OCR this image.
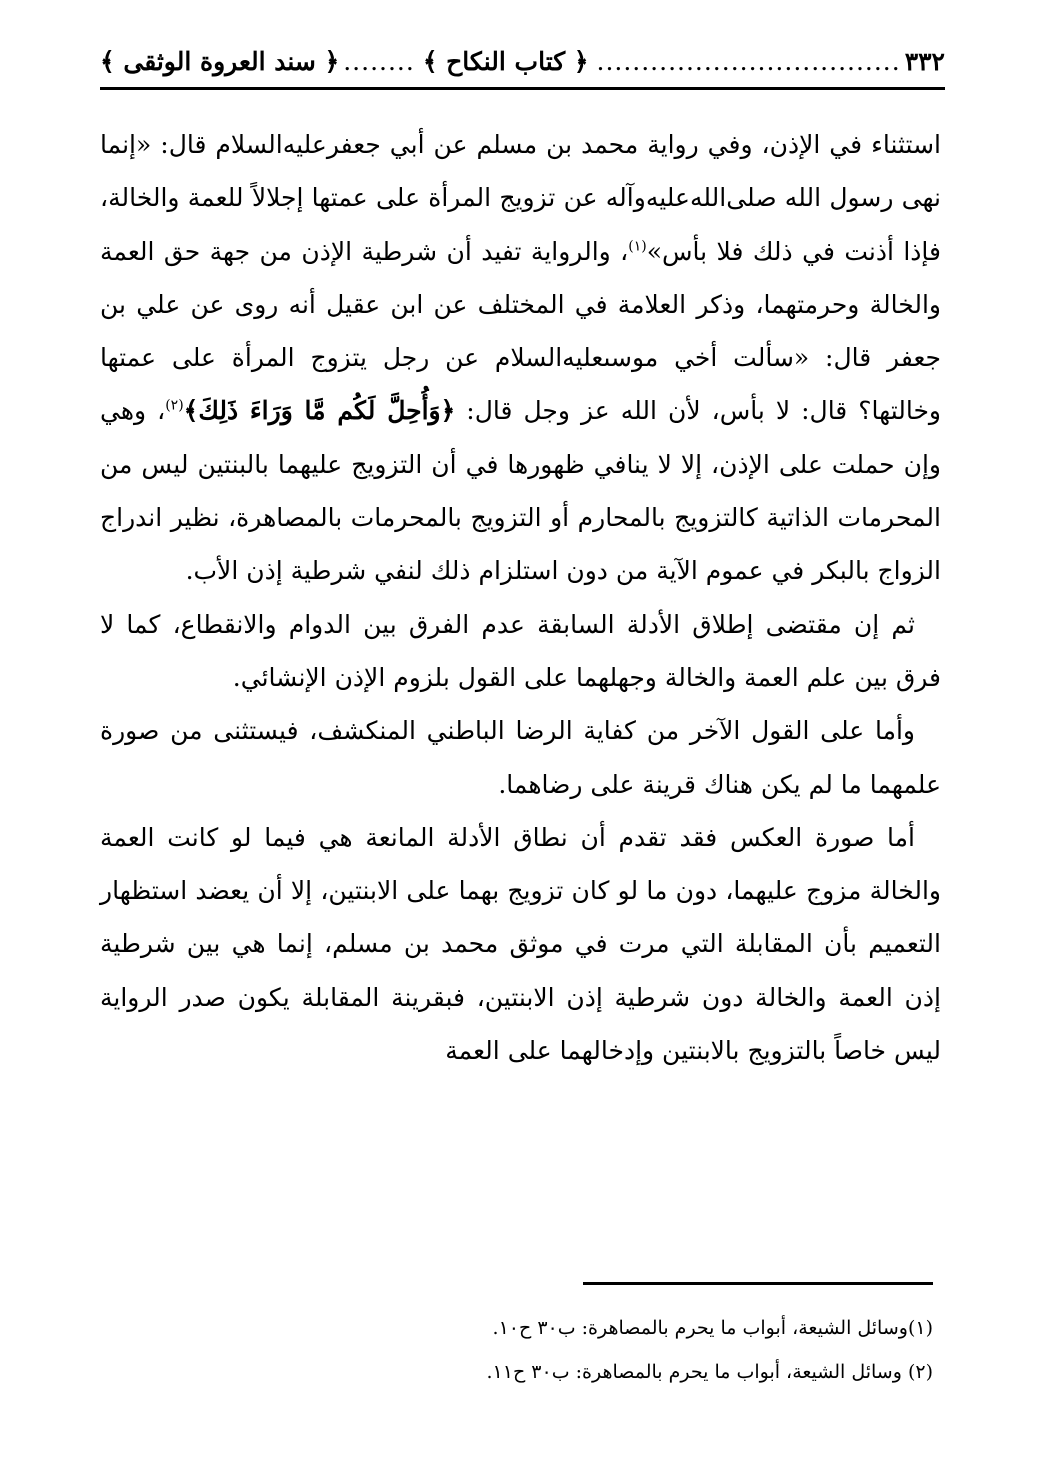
٣٣٢
..................................
﴿ كتاب النكاح ﴾
........
﴿ سند العروة الوثقى ﴾

استثناء في الإذن، وفي رواية محمد بن مسلم عن أبي جعفرعليه‌السلام قال: «إنما نهى رسول الله صلى‌الله‌عليه‌وآله عن تزويج المرأة على عمتها إجلالاً للعمة والخالة، فإذا أذنت في ذلك فلا بأس»$^{(١)}$، والرواية تفيد أن شرطية الإذن من جهة حق العمة والخالة وحرمتهما، وذكر العلامة في المختلف عن ابن عقيل أنه روى عن علي بن جعفر قال: «سألت أخي موسىعليه‌السلام عن رجل يتزوج المرأة على عمتها وخالتها؟ قال: لا بأس، لأن الله عز وجل قال: ﴿وَأُحِلَّ لَكُم مَّا وَرَاءَ ذَلِكَ﴾$^{(٢)}$، وهي وإن حملت على الإذن، إلا لا ينافي ظهورها في أن التزويج عليهما بالبنتين ليس من المحرمات الذاتية كالتزويج بالمحارم أو التزويج بالمحرمات بالمصاهرة، نظير اندراج الزواج بالبكر في عموم الآية من دون استلزام ذلك لنفي شرطية إذن الأب.

ثم إن مقتضى إطلاق الأدلة السابقة عدم الفرق بين الدوام والانقطاع، كما لا فرق بين علم العمة والخالة وجهلهما على القول بلزوم الإذن الإنشائي.

وأما على القول الآخر من كفاية الرضا الباطني المنكشف، فيستثنى من صورة علمهما ما لم يكن هناك قرينة على رضاهما.

أما صورة العكس فقد تقدم أن نطاق الأدلة المانعة هي فيما لو كانت العمة والخالة مزوج عليهما، دون ما لو كان تزويج بهما على الابنتين، إلا أن يعضد استظهار التعميم بأن المقابلة التي مرت في موثق محمد بن مسلم، إنما هي بين شرطية إذن العمة والخالة دون شرطية إذن الابنتين، فبقرينة المقابلة يكون صدر الرواية ليس خاصاً بالتزويج بالابنتين وإدخالهما على العمة

(١)وسائل الشيعة، أبواب ما يحرم بالمصاهرة: ب٣٠ ح١٠.

(٢) وسائل الشيعة، أبواب ما يحرم بالمصاهرة: ب٣٠ ح١١.
